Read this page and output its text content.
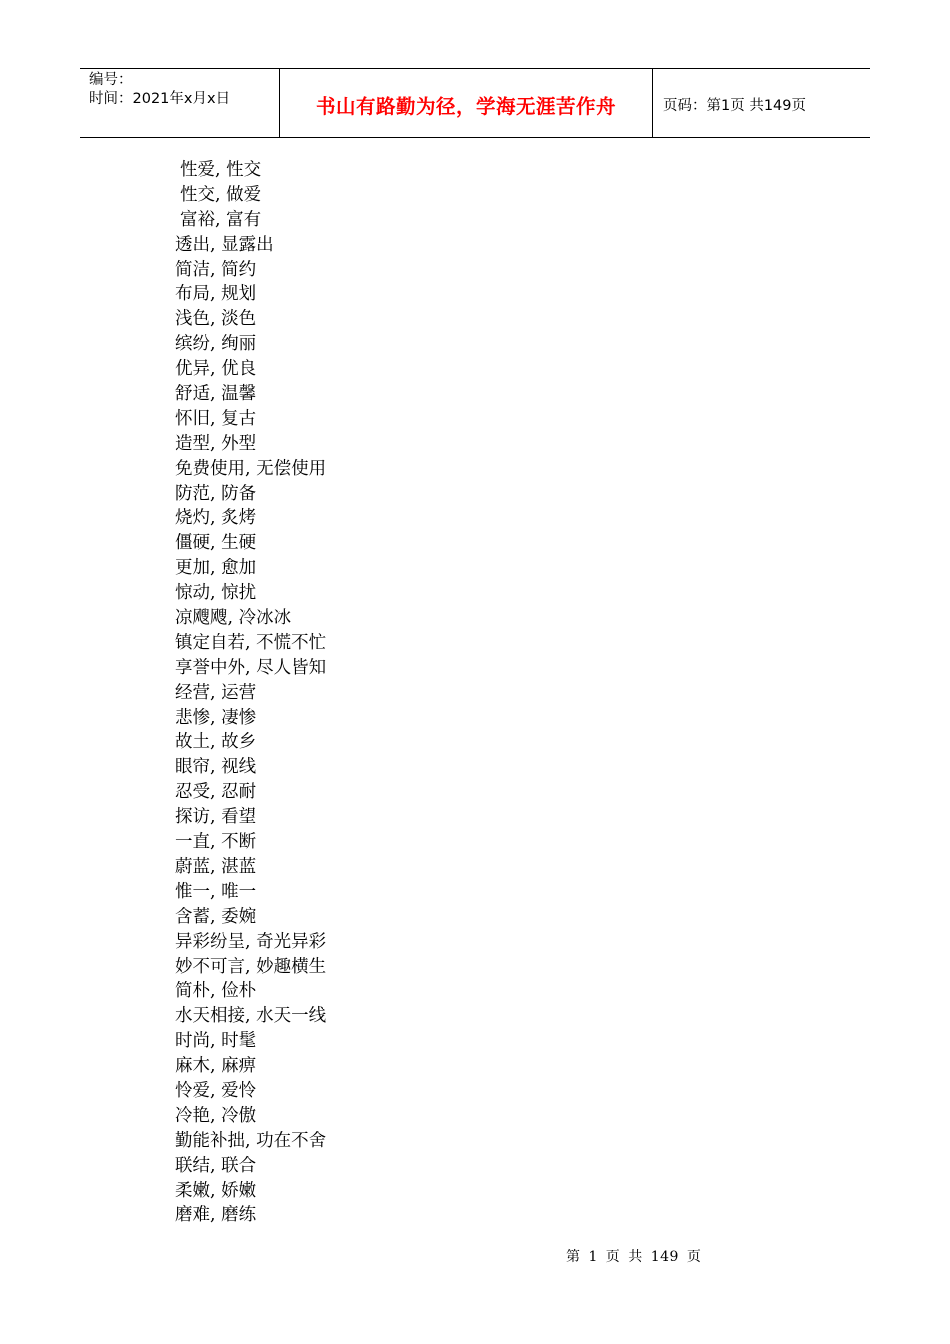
编号：
时间：2021年x月x日	书山有路勤为径，学海无涯苦作舟	页码：第1页 共149页
性爱, 性交
性交, 做爱
富裕, 富有
透出, 显露出
简洁, 简约
布局, 规划
浅色, 淡色
缤纷, 绚丽
优异, 优良
舒适, 温馨
怀旧, 复古
造型, 外型
免费使用, 无偿使用
防范, 防备
烧灼, 炙烤
僵硬, 生硬
更加, 愈加
惊动, 惊扰
凉飕飕, 冷冰冰
镇定自若, 不慌不忙
享誉中外, 尽人皆知
经营, 运营
悲惨, 凄惨
故土, 故乡
眼帘, 视线
忍受, 忍耐
探访, 看望
一直, 不断
蔚蓝, 湛蓝
惟一, 唯一
含蓄, 委婉
异彩纷呈, 奇光异彩
妙不可言, 妙趣横生
简朴, 俭朴
水天相接, 水天一线
时尚, 时髦
麻木, 麻痹
怜爱, 爱怜
冷艳, 冷傲
勤能补拙, 功在不舍
联结, 联合
柔嫩, 娇嫩
磨难, 磨练
第 1 页 共 149 页
